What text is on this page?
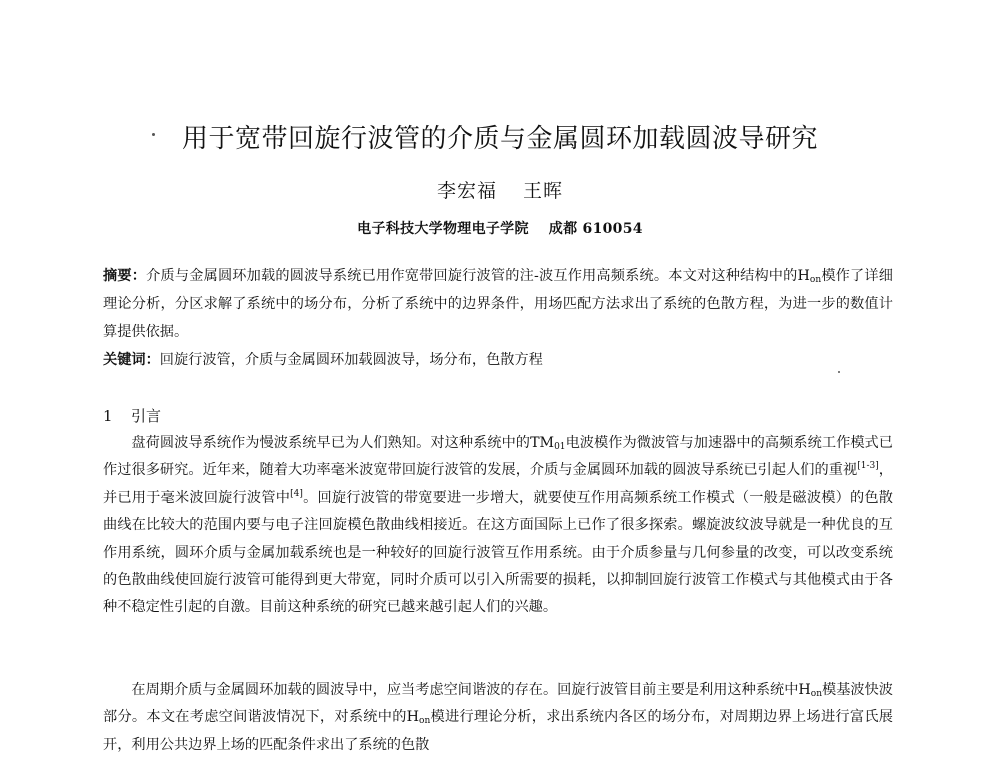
用于宽带回旋行波管的介质与金属圆环加载圆波导研究
李宏福 王晖
电子科技大学物理电子学院 成都 610054

摘要：介质与金属圆环加载的圆波导系统已用作宽带回旋行波管的注-波互作用高频系统。本文对这种结构中的$H_{on}$模作了详细理论分析，分区求解了系统中的场分布，分析了系统中的边界条件，用场匹配方法求出了系统的色散方程，为进一步的数值计算提供依据。

关键词：回旋行波管，介质与金属圆环加载圆波导，场分布，色散方程

1 引言

盘荷圆波导系统作为慢波系统早已为人们熟知。对这种系统中的$TM_{01}$电波模作为微波管与加速器中的高频系统工作模式已作过很多研究。近年来，随着大功率毫米波宽带回旋行波管的发展，介质与金属圆环加载的圆波导系统已引起人们的重视[1-3]，并已用于毫米波回旋行波管中[4]。回旋行波管的带宽要进一步增大，就要使互作用高频系统工作模式（一般是磁波模）的色散曲线在比较大的范围内要与电子注回旋模色散曲线相接近。在这方面国际上已作了很多探索。螺旋波纹波导就是一种优良的互作用系统，圆环介质与金属加载系统也是一种较好的回旋行波管互作用系统。由于介质参量与几何参量的改变，可以改变系统的色散曲线使回旋行波管可能得到更大带宽，同时介质可以引入所需要的损耗，以抑制回旋行波管工作模式与其他模式由于各种不稳定性引起的自激。目前这种系统的研究已越来越引起人们的兴趣。

在周期介质与金属圆环加载的圆波导中，应当考虑空间谐波的存在。回旋行波管目前主要是利用这种系统中$H_{on}$模基波快波部分。本文在考虑空间谐波情况下，对系统中的$H_{on}$模进行理论分析，求出系统内各区的场分布，对周期边界上场进行富氏展开，利用公共边界上场的匹配条件求出了系统的色散
